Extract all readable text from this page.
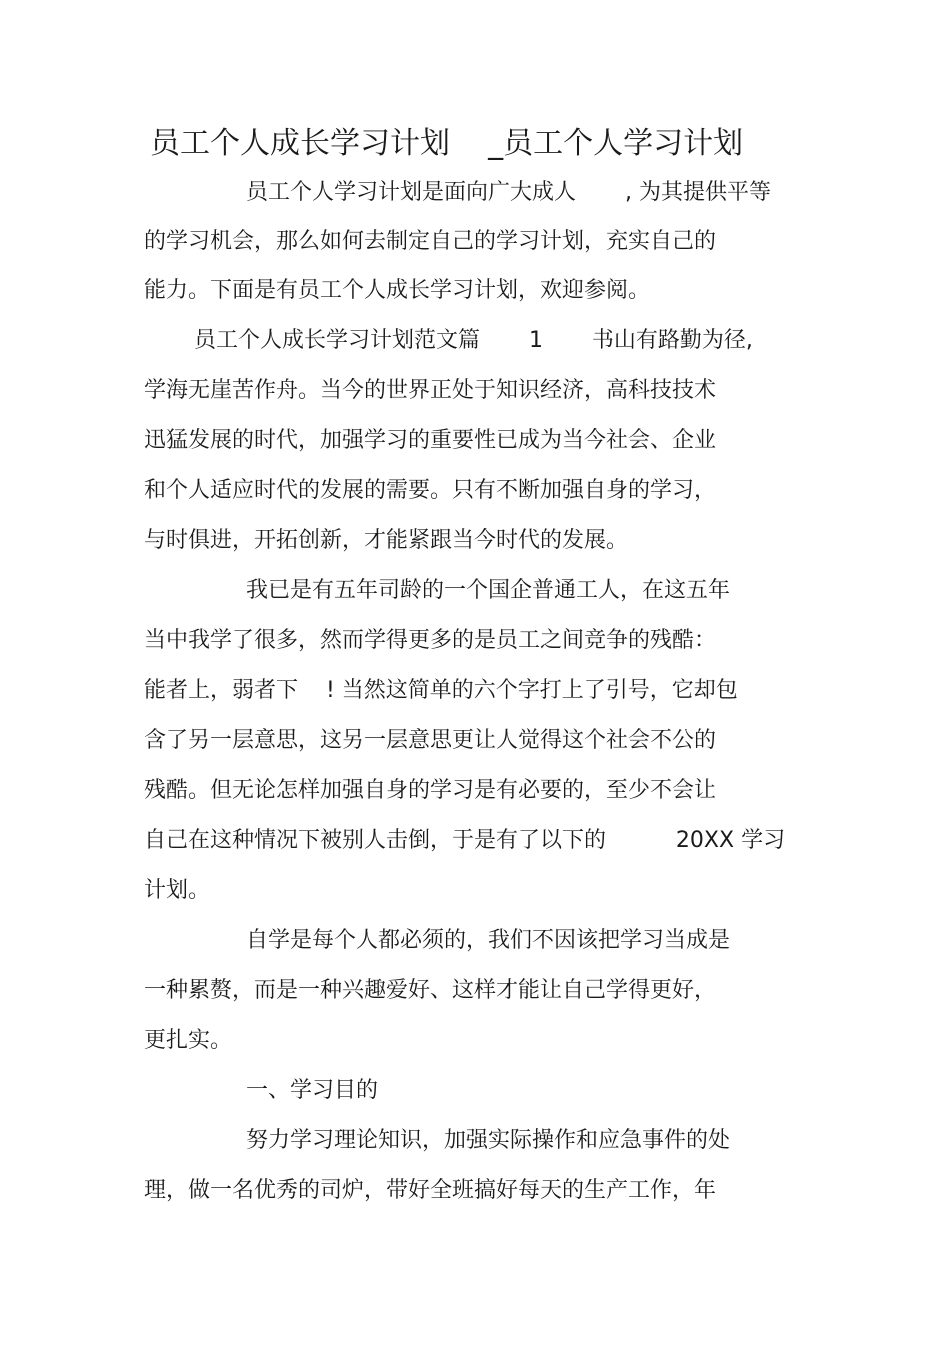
员工个人成长学习计划    _员工个人学习计划
员工个人学习计划是面向广大成人       , 为其提供平等
的学习机会，那么如何去制定自己的学习计划，充实自己的
能力。下面是有员工个人成长学习计划，欢迎参阅。
员工个人成长学习计划范文篇       1       书山有路勤为径,
学海无崖苦作舟。当今的世界正处于知识经济，高科技技术
迅猛发展的时代，加强学习的重要性已成为当今社会、企业
和个人适应时代的发展的需要。只有不断加强自身的学习，
与时俱进，开拓创新，才能紧跟当今时代的发展。
我已是有五年司龄的一个国企普通工人，在这五年
当中我学了很多，然而学得更多的是员工之间竞争的残酷：
能者上，弱者下    ! 当然这简单的六个字打上了引号，它却包
含了另一层意思，这另一层意思更让人觉得这个社会不公的
残酷。但无论怎样加强自身的学习是有必要的，至少不会让
自己在这种情况下被别人击倒，于是有了以下的          20XX 学习
计划。
自学是每个人都必须的，我们不因该把学习当成是
一种累赘，而是一种兴趣爱好、这样才能让自己学得更好，
更扎实。
一、学习目的
努力学习理论知识，加强实际操作和应急事件的处
理，做一名优秀的司炉，带好全班搞好每天的生产工作，年
